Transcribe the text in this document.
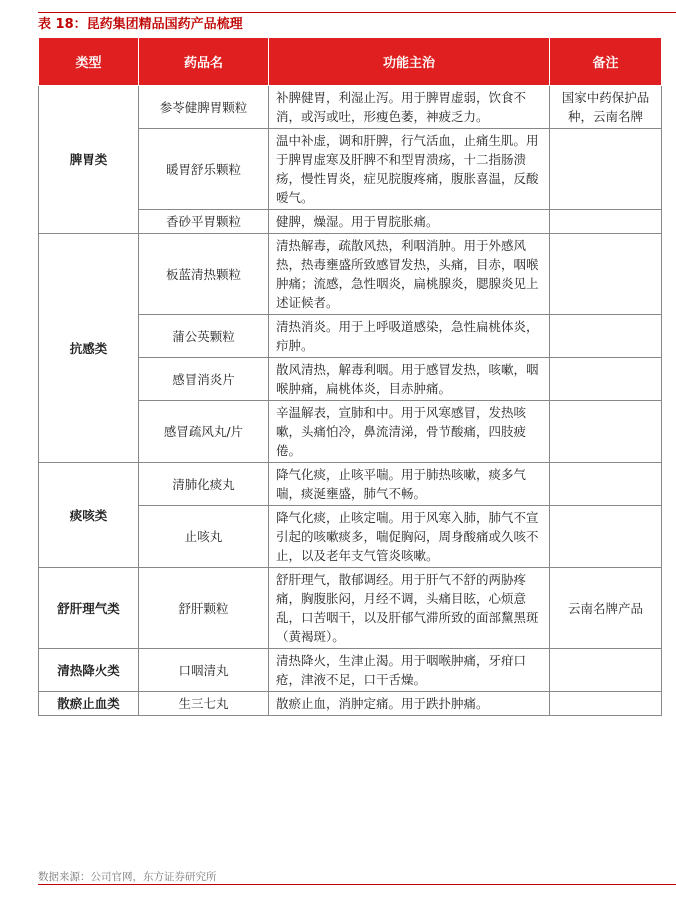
表 18：昆药集团精品国药产品梳理
类型	药品名	功能主治	备注
脾胃类	参苓健脾胃颗粒	补脾健胃，利湿止泻。用于脾胃虚弱，饮食不消，或泻或吐，形瘦色萎，神疲乏力。	国家中药保护品种，云南名牌
	暖胃舒乐颗粒	温中补虚，调和肝脾，行气活血，止痛生肌。用于脾胃虚寒及肝脾不和型胃溃疡，十二指肠溃疡，慢性胃炎，症见脘腹疼痛，腹胀喜温，反酸嗳气。	
	香砂平胃颗粒	健脾，燥湿。用于胃脘胀痛。	
抗感类	板蓝清热颗粒	清热解毒，疏散风热，利咽消肿。用于外感风热，热毒壅盛所致感冒发热，头痛，目赤，咽喉肿痛；流感，急性咽炎，扁桃腺炎，腮腺炎见上述证候者。	
	蒲公英颗粒	清热消炎。用于上呼吸道感染，急性扁桃体炎，疖肿。	
	感冒消炎片	散风清热，解毒利咽。用于感冒发热，咳嗽，咽喉肿痛，扁桃体炎，目赤肿痛。	
	感冒疏风丸/片	辛温解表，宣肺和中。用于风寒感冒，发热咳嗽，头痛怕冷，鼻流清涕，骨节酸痛，四肢疲倦。	
痰咳类	清肺化痰丸	降气化痰，止咳平喘。用于肺热咳嗽，痰多气喘，痰涎壅盛，肺气不畅。	
	止咳丸	降气化痰，止咳定喘。用于风寒入肺，肺气不宣引起的咳嗽痰多，喘促胸闷，周身酸痛或久咳不止，以及老年支气管炎咳嗽。	
舒肝理气类	舒肝颗粒	舒肝理气，散郁调经。用于肝气不舒的两胁疼痛，胸腹胀闷，月经不调，头痛目眩，心烦意乱，口苦咽干，以及肝郁气滞所致的面部黧黑斑（黄褐斑）。	云南名牌产品
清热降火类	口咽清丸	清热降火，生津止渴。用于咽喉肿痛，牙疳口疮，津液不足，口干舌燥。	
散瘀止血类	生三七丸	散瘀止血，消肿定痛。用于跌扑肿痛。	
数据来源：公司官网，东方证券研究所
